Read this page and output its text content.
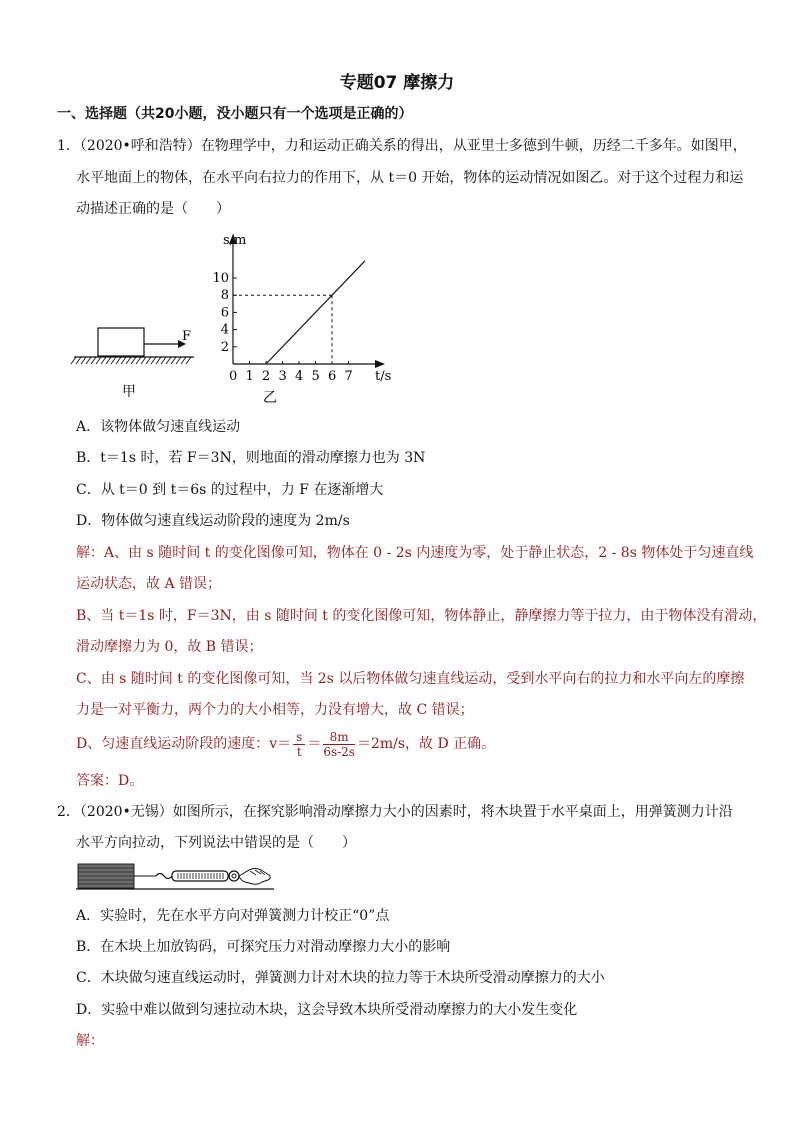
专题07 摩擦力
一、选择题（共20小题，没小题只有一个选项是正确的）
1．（2020•呼和浩特）在物理学中，力和运动正确关系的得出，从亚里士多德到牛顿，历经二千多年。如图甲，
水平地面上的物体，在水平向右拉力的作用下，从 t＝0 开始，物体的运动情况如图乙。对于这个过程力和运
动描述正确的是（　　）
F
甲
s/m
t/s
0 1 2 3 4 5 6 7
2
4
6
8
10
乙
A．该物体做匀速直线运动
B．t＝1s 时，若 F＝3N，则地面的滑动摩擦力也为 3N
C．从 t＝0 到 t＝6s 的过程中，力 F 在逐渐增大
D．物体做匀速直线运动阶段的速度为 2m/s
解：A、由 s 随时间 t 的变化图像可知，物体在 0 - 2s 内速度为零，处于静止状态，2 - 8s 物体处于匀速直线
运动状态，故 A 错误；
B、当 t＝1s 时，F＝3N，由 s 随时间 t 的变化图像可知，物体静止，静摩擦力等于拉力，由于物体没有滑动，
滑动摩擦力为 0，故 B 错误；
C、由 s 随时间 t 的变化图像可知，当 2s 以后物体做匀速直线运动，受到水平向右的拉力和水平向左的摩擦
力是一对平衡力，两个力的大小相等，力没有增大，故 C 错误；
D、匀速直线运动阶段的速度：$v= \frac{s}{t} = \frac{8m}{6s-2s} =2m/s$，故 D 正确。
答案：D。
2．（2020•无锡）如图所示，在探究影响滑动摩擦力大小的因素时，将木块置于水平桌面上，用弹簧测力计沿
水平方向拉动，下列说法中错误的是（　　）
A．实验时，先在水平方向对弹簧测力计校正“0”点
B．在木块上加放钩码，可探究压力对滑动摩擦力大小的影响
C．木块做匀速直线运动时，弹簧测力计对木块的拉力等于木块所受滑动摩擦力的大小
D．实验中难以做到匀速拉动木块，这会导致木块所受滑动摩擦力的大小发生变化
解：
